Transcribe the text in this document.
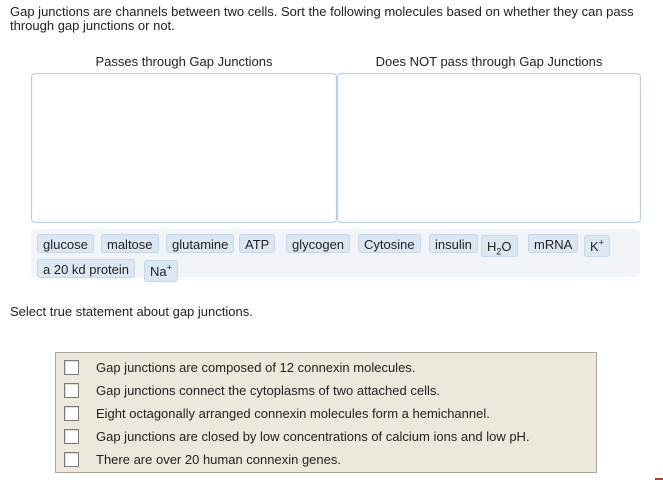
Gap junctions are channels between two cells. Sort the following molecules based on whether they can pass through gap junctions or not.
Passes through Gap Junctions	Does NOT pass through Gap Junctions
glucose	maltose	glutamine	ATP	glycogen	Cytosine	insulin	$H_2O$	mRNA	K+
a 20 kd protein	Na+
Select true statement about gap junctions.
Gap junctions are composed of 12 connexin molecules.
Gap junctions connect the cytoplasms of two attached cells.
Eight octagonally arranged connexin molecules form a hemichannel.
Gap junctions are closed by low concentrations of calcium ions and low pH.
There are over 20 human connexin genes.
